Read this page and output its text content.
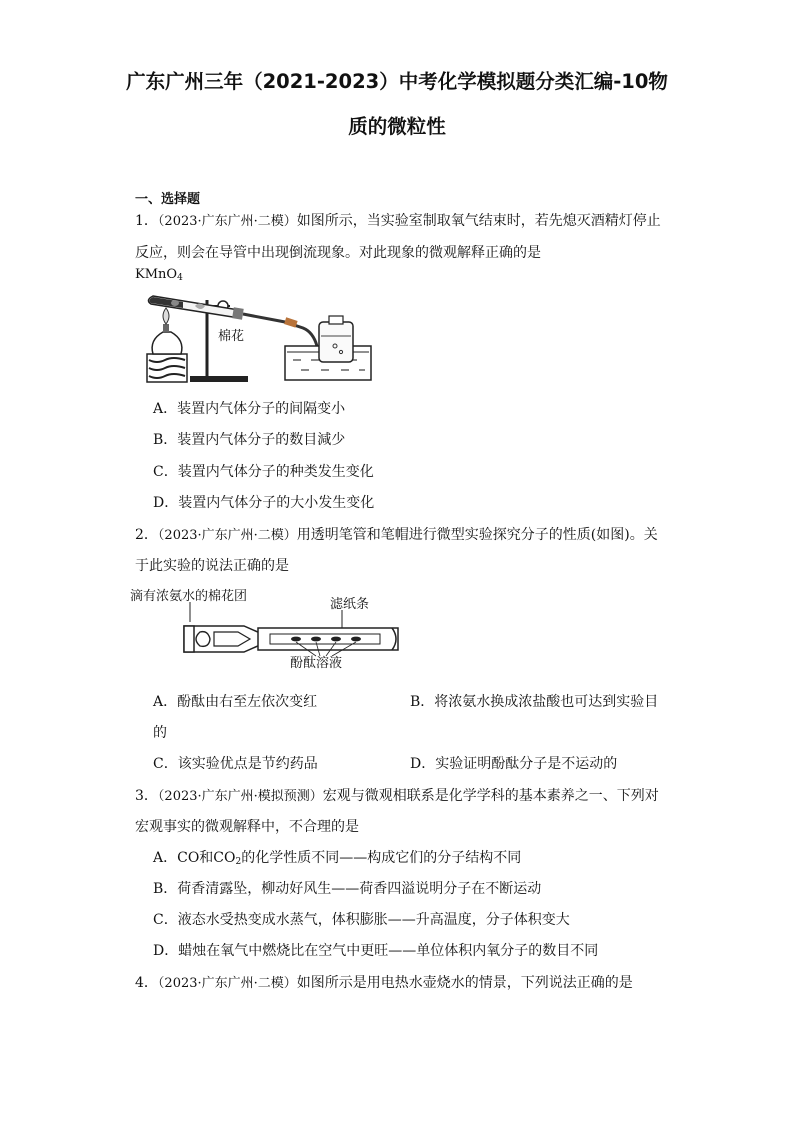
广东广州三年（2021-2023）中考化学模拟题分类汇编-10物
质的微粒性
一、选择题
1．（2023·广东广州·二模）如图所示，当实验室制取氧气结束时，若先熄灭酒精灯停止
反应，则会在导管中出现倒流现象。对此现象的微观解释正确的是
KMnO$_4$
棉花
A．装置内气体分子的间隔变小
B．装置内气体分子的数目減少
C．装置内气体分子的种类发生变化
D．装置内气体分子的大小发生变化
2．（2023·广东广州·二模）用透明笔管和笔帽进行微型实验探究分子的性质(如图)。关
于此实验的说法正确的是
滴有浓氨水的棉花团
滤纸条
酚酞溶液
A．酚酞由右至左依次变红	B．将浓氨水换成浓盐酸也可达到实验目
的
C．该实验优点是节约药品	D．实验证明酚酞分子是不运动的
3．（2023·广东广州·模拟预测）宏观与微观相联系是化学学科的基本素养之一、下列对
宏观事实的微观解释中，不合理的是
A．CO和$CO_2$的化学性质不同——构成它们的分子结构不同
B．荷香清露坠，柳动好风生——荷香四溢说明分子在不断运动
C．液态水受热变成水蒸气，体积膨胀——升高温度，分子体积变大
D．蜡烛在氧气中燃烧比在空气中更旺——单位体积内氧分子的数目不同
4．（2023·广东广州·二模）如图所示是用电热水壶烧水的情景，下列说法正确的是
